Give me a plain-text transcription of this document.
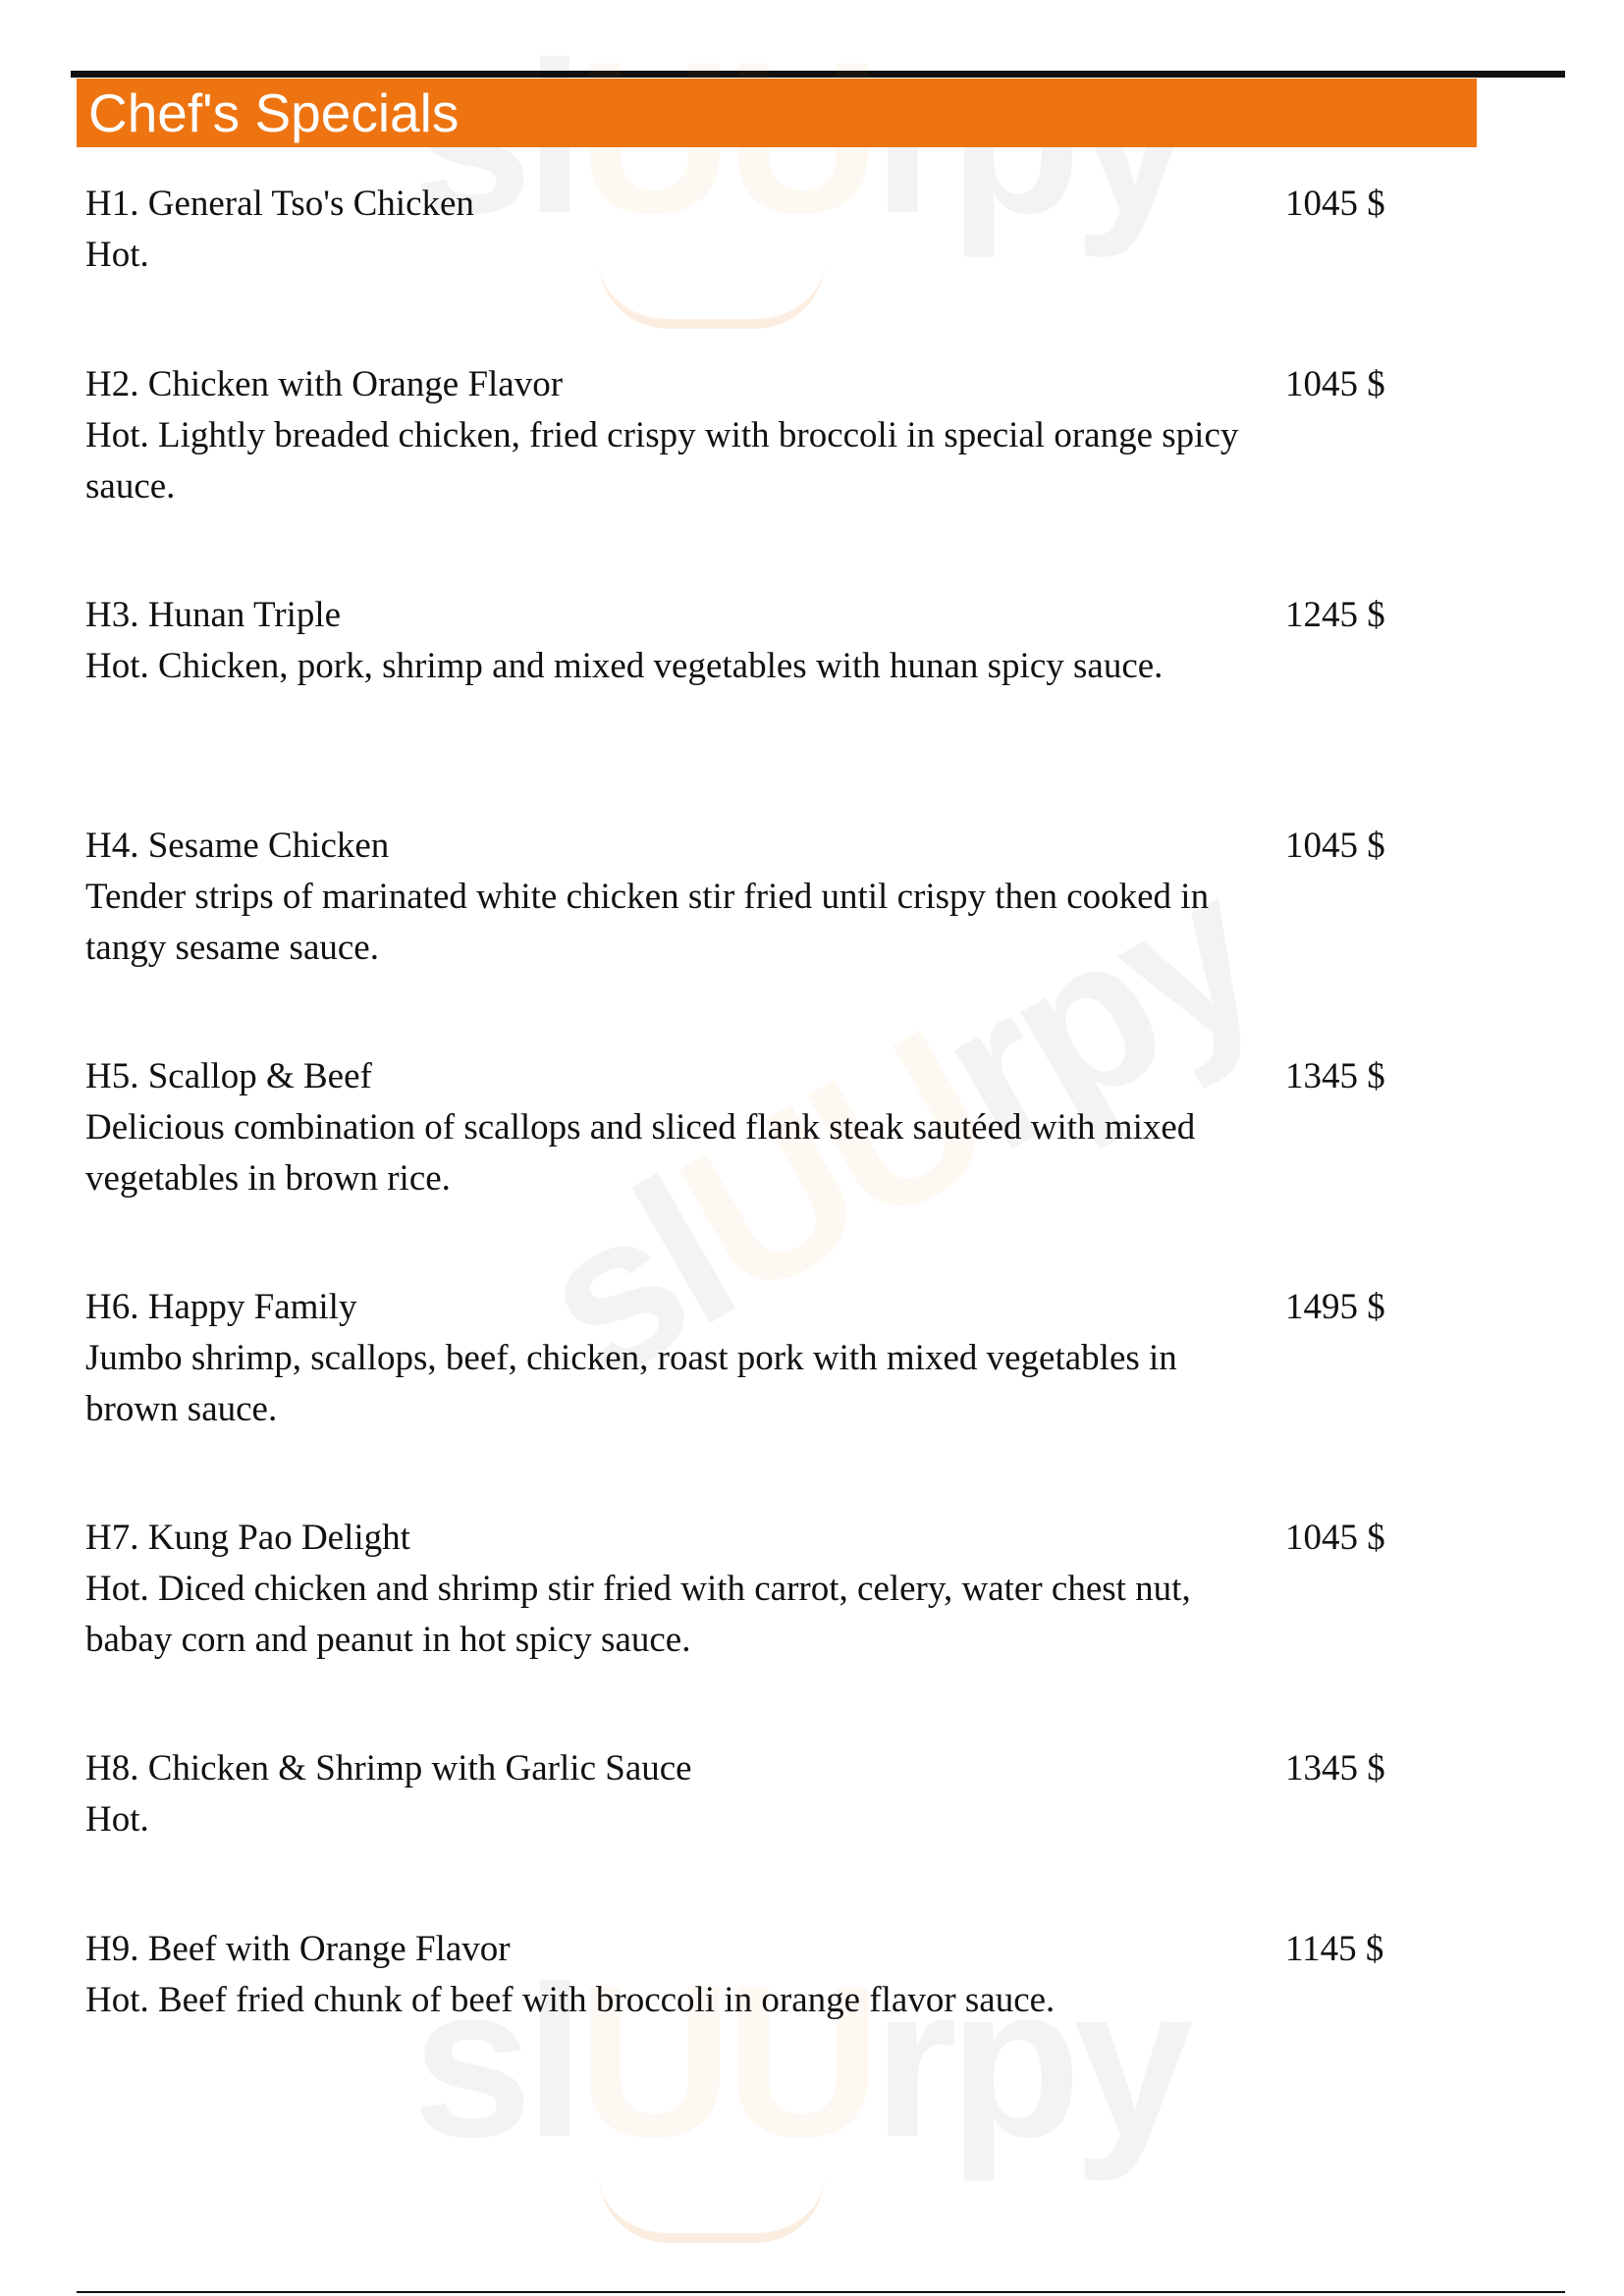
Chef's Specials
H1. General Tso's Chicken	1045 $
Hot.
H2. Chicken with Orange Flavor	1045 $
Hot. Lightly breaded chicken, fried crispy with broccoli in special orange spicy sauce.
H3. Hunan Triple	1245 $
Hot. Chicken, pork, shrimp and mixed vegetables with hunan spicy sauce.
H4. Sesame Chicken	1045 $
Tender strips of marinated white chicken stir fried until crispy then cooked in tangy sesame sauce.
H5. Scallop & Beef	1345 $
Delicious combination of scallops and sliced flank steak sautéed with mixed vegetables in brown rice.
H6. Happy Family	1495 $
Jumbo shrimp, scallops, beef, chicken, roast pork with mixed vegetables in brown sauce.
H7. Kung Pao Delight	1045 $
Hot. Diced chicken and shrimp stir fried with carrot, celery, water chest nut, babay corn and peanut in hot spicy sauce.
H8. Chicken & Shrimp with Garlic Sauce	1345 $
Hot.
H9. Beef with Orange Flavor	1145 $
Hot. Beef fried chunk of beef with broccoli in orange flavor sauce.
